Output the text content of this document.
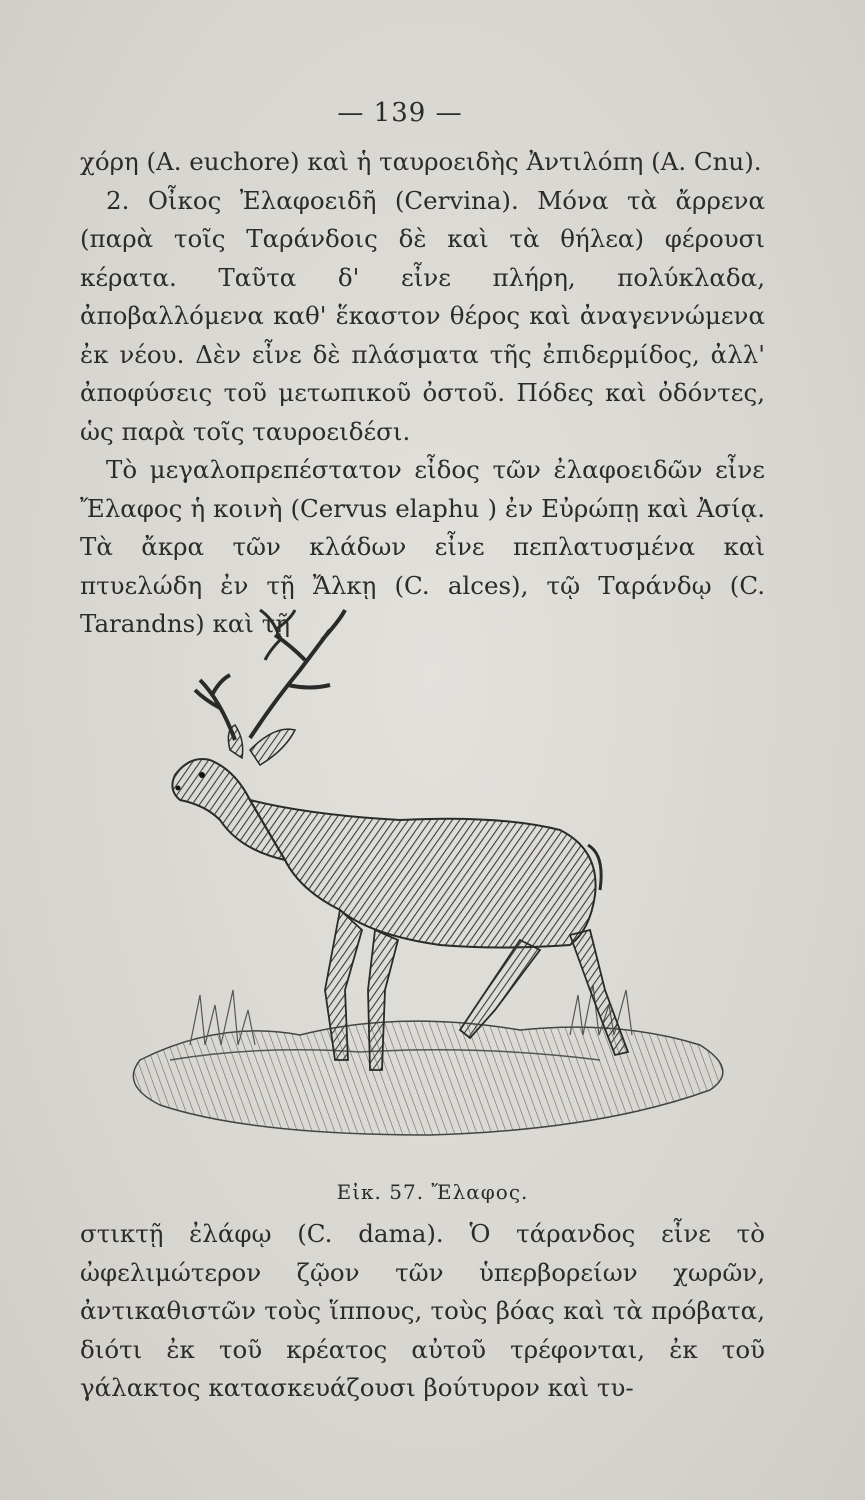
— 139 —

χόρη (A. euchore) καὶ ἡ ταυροειδὴς Ἀντιλόπη (A. Cnu).

2. Οἶκος Ἐλαφοειδῆ (Cervina). Μόνα τὰ ἄρρενα (παρὰ τοῖς Ταράνδοις δὲ καὶ τὰ θήλεα) φέρουσι κέρατα. Ταῦτα δ' εἶνε πλήρη, πολύκλαδα, ἀποβαλλόμενα καθ' ἕκαστον θέρος καὶ ἀναγεννώμενα ἐκ νέου. Δὲν εἶνε δὲ πλάσματα τῆς ἐπιδερμίδος, ἀλλ' ἀποφύσεις τοῦ μετωπικοῦ ὀστοῦ. Πόδες καὶ ὀδόντες, ὡς παρὰ τοῖς ταυροειδέσι.

Τὸ μεγαλοπρεπέστατον εἶδος τῶν ἐλαφοειδῶν εἶνε Ἔλαφος ἡ κοινὴ (Cervus elaphu ) ἐν Εὐρώπῃ καὶ Ἀσίᾳ. Τὰ ἄκρα τῶν κλάδων εἶνε πεπλατυσμένα καὶ πτυελώδη ἐν τῇ Ἄλκῃ (C. alces), τῷ Ταράνδῳ (C. Tarandns) καὶ τῇ

Εἰκ. 57. Ἔλαφος.

στικτῇ ἐλάφῳ (C. dama). Ὁ τάρανδος εἶνε τὸ ὠφελιμώτερον ζῷον τῶν ὑπερβορείων χωρῶν, ἀντικαθιστῶν τοὺς ἵππους, τοὺς βόας καὶ τὰ πρόβατα, διότι ἐκ τοῦ κρέατος αὐτοῦ τρέφονται, ἐκ τοῦ γάλακτος κατασκευάζουσι βούτυρον καὶ τυ-
